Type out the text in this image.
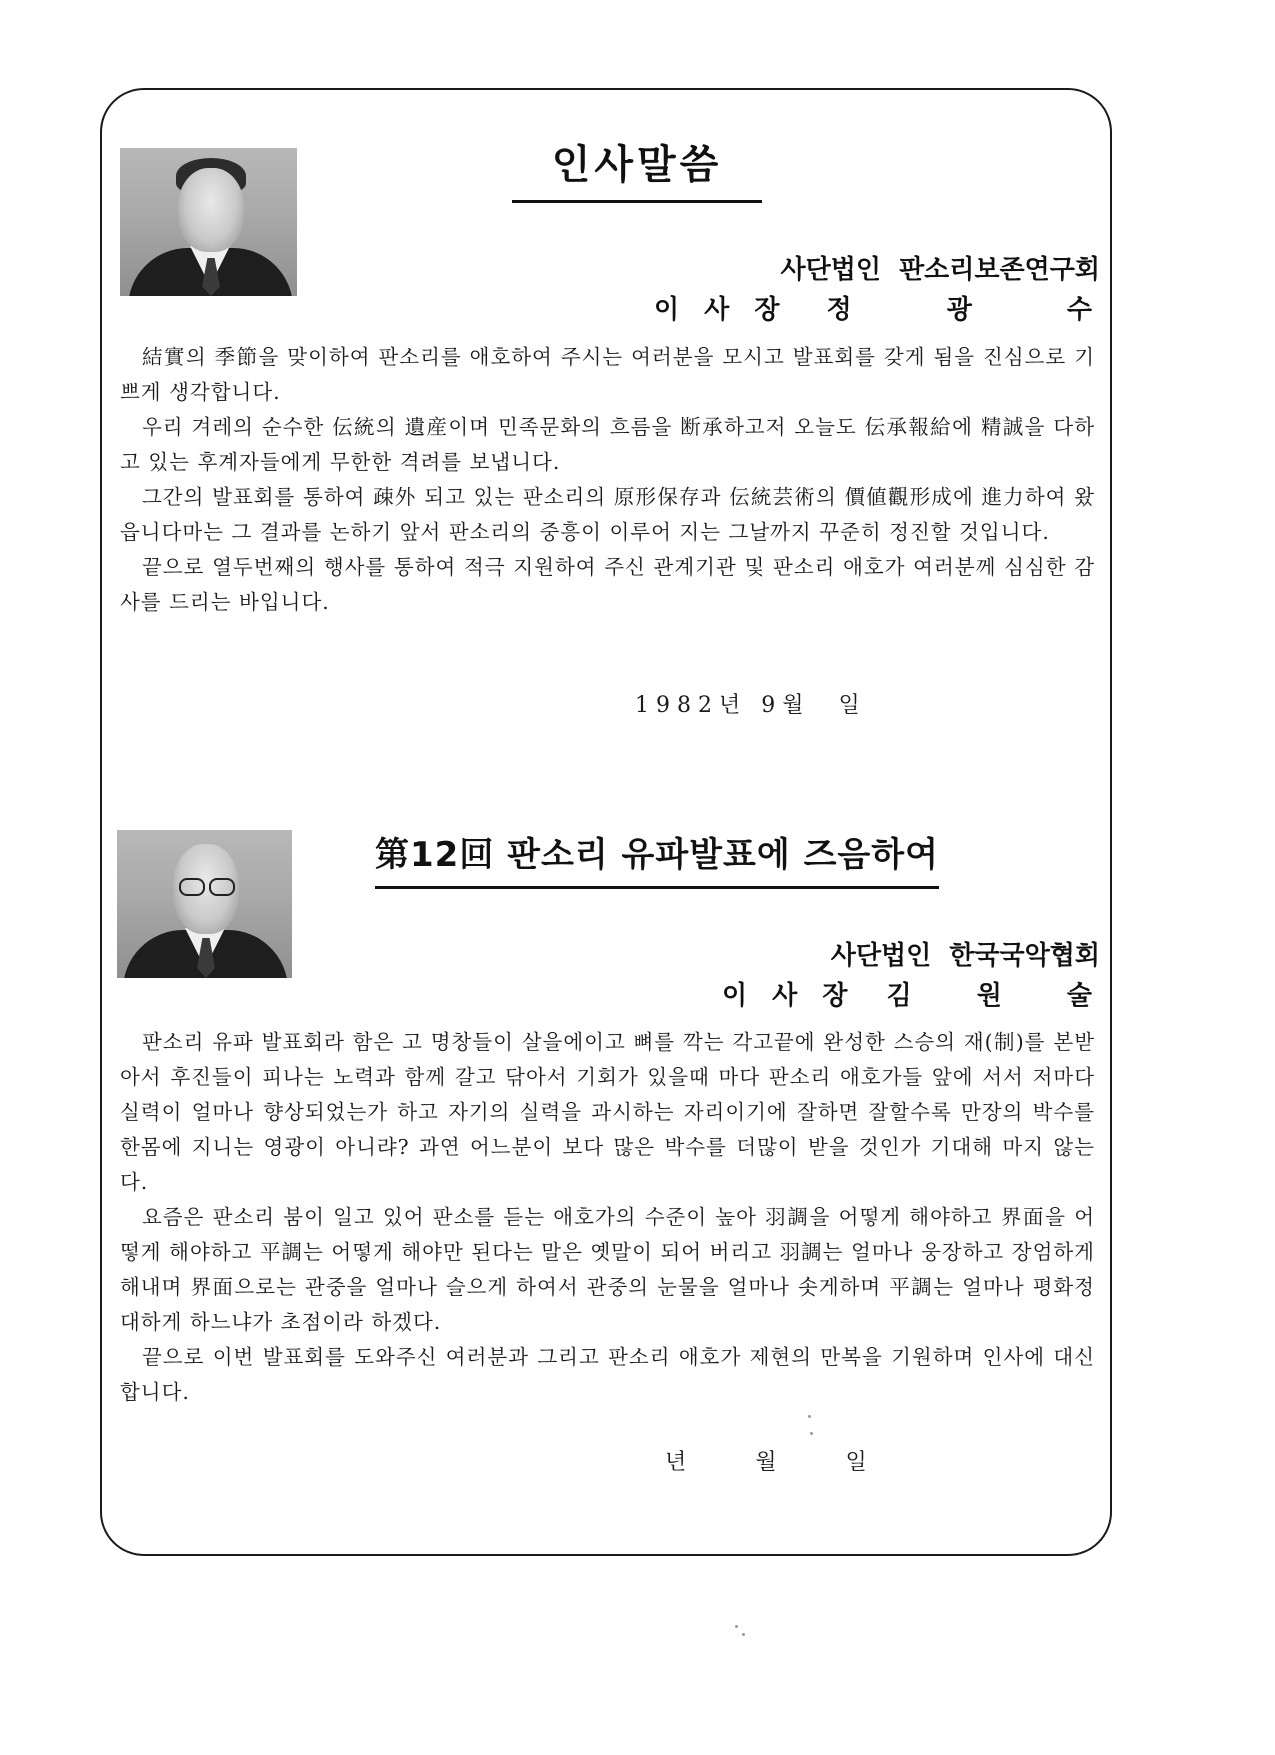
인사말씀
사단법인  판소리보존연구회
이 사 장 정	광	수

結實의 季節을 맞이하여 판소리를 애호하여 주시는 여러분을 모시고 발표회를 갖게 됨을 진심으로 기쁘게 생각합니다.

우리 겨레의 순수한 伝統의 遺産이며 민족문화의 흐름을 断承하고저 오늘도 伝承報給에 精誠을 다하고 있는 후계자들에게 무한한 격려를 보냅니다.

그간의 발표회를 통하여 疎外 되고 있는 판소리의 原形保存과 伝統芸術의 價値觀形成에 進力하여 왔읍니다마는 그 결과를 논하기 앞서 판소리의 중흥이 이루어 지는 그날까지 꾸준히 정진할 것입니다.

끝으로 열두번째의 행사를 통하여 적극 지원하여 주신 관계기관 및 판소리 애호가 여러분께 심심한 감사를 드리는 바입니다.

1982년 9월  일
第12回 판소리 유파발표에 즈음하여
사단법인  한국국악협회
이 사 장 김 원 술

판소리 유파 발표회라 함은 고 명창들이 살을에이고 뼈를 깍는 각고끝에 완성한 스승의 재(制)를 본받아서 후진들이 피나는 노력과 함께 갈고 닦아서 기회가 있을때 마다 판소리 애호가들 앞에 서서 저마다 실력이 얼마나 향상되었는가 하고 자기의 실력을 과시하는 자리이기에 잘하면 잘할수록 만장의 박수를 한몸에 지니는 영광이 아니랴? 과연 어느분이 보다 많은 박수를 더많이 받을 것인가 기대해 마지 않는다.

요즘은 판소리 붐이 일고 있어 판소를 듣는 애호가의 수준이 높아 羽調을 어떻게 해야하고 界面을 어떻게 해야하고 平調는 어떻게 해야만 된다는 말은 옛말이 되어 버리고 羽調는 얼마나 웅장하고 장엄하게 해내며 界面으로는 관중을 얼마나 슬으게 하여서 관중의 눈물을 얼마나 솟게하며 平調는 얼마나 평화정대하게 하느냐가 초점이라 하겠다.

끝으로 이번 발표회를 도와주신 여러분과 그리고 판소리 애호가 제현의 만복을 기원하며 인사에 대신합니다.

년	월	일
